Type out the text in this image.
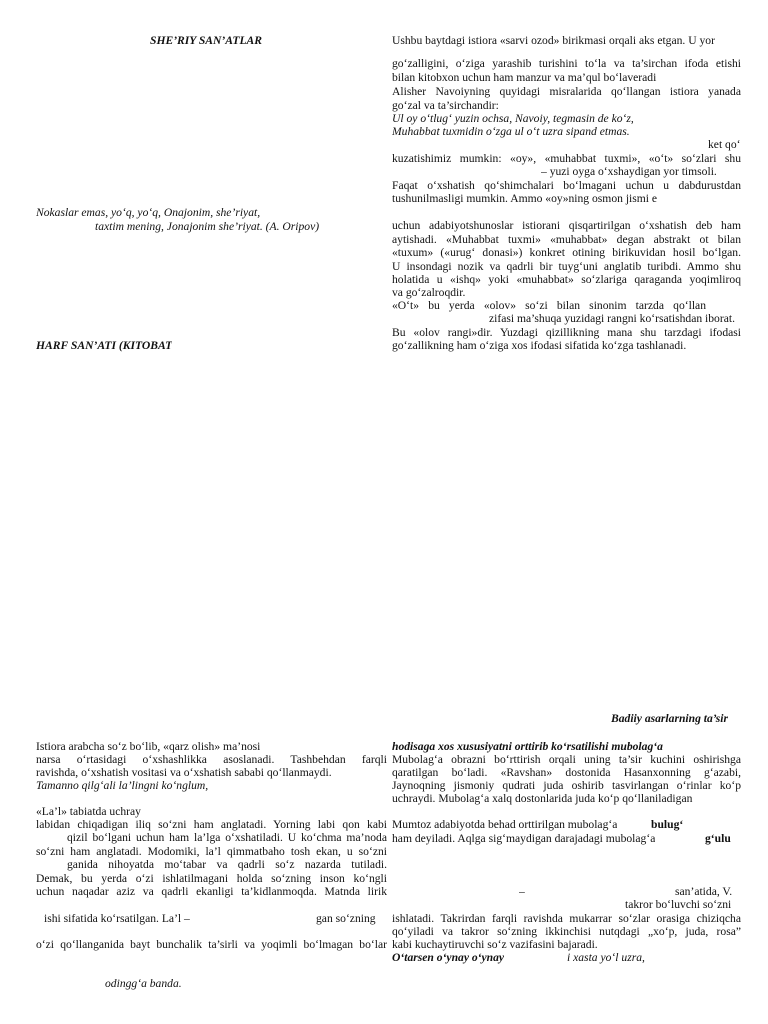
SHE’RIY SAN’ATLAR
Nokaslar emas, yo‘q, yo‘q, Onajonim, she’riyat,
taxtim mening, Jonajonim she’riyat. (A. Oripov)
HARF SAN’ATI (KITOBAT
Ushbu baytdagi istiora «sarvi ozod» birikmasi orqali aks etgan. U yor
go‘zalligini, o‘ziga yarashib turishini to‘la va ta’sirchan ifoda etishi
bilan kitobxon uchun ham manzur va ma’qul bo‘laveradi
Alisher Navoiyning quyidagi misralarida qo‘llangan istiora yanada
go‘zal va ta’sirchandir:
Ul oy o‘tlug‘ yuzin ochsa, Navoiy, tegmasin de ko‘z,
Muhabbat tuxmidin o‘zga ul o‘t uzra sipand etmas.
ket qo‘
kuzatishimiz mumkin: «oy», «muhabbat tuxmi», «o‘t» so‘zlari shu
– yuzi oyga o‘xshaydigan yor timsoli.
Faqat o‘xshatish qo‘shimchalari bo‘lmagani uchun u dabdurustdan
tushunilmasligi mumkin. Ammo «oy»ning osmon jismi e
uchun adabiyotshunoslar istiorani qisqartirilgan o‘xshatish deb ham
aytishadi. «Muhabbat tuxmi» «muhabbat» degan abstrakt ot bilan
«tuxum» («urug‘ donasi») konkret otining birikuvidan hosil bo‘lgan.
U insondagi nozik va qadrli bir tuyg‘uni anglatib turibdi. Ammo shu
holatida u «ishq» yoki «muhabbat» so‘zlariga qaraganda yoqimliroq
va go‘zalroqdir.
«O‘t» bu yerda «olov» so‘zi bilan sinonim tarzda qo‘llan
zifasi ma’shuqa yuzidagi rangni ko‘rsatishdan iborat.
Bu «olov rangi»dir. Yuzdagi qizillikning mana shu tarzdagi ifodasi
go‘zallikning ham o‘ziga xos ifodasi sifatida ko‘zga tashlanadi.
Badiiy asarlarning ta’sir
hodisaga xos xususiyatni orttirib ko‘rsatilishi mubolag‘a
Istiora arabcha so‘z bo‘lib, «qarz olish» ma’nosi
narsa o‘rtasidagi o‘xshashlikka asoslanadi. Tashbehdan farqli
ravishda, o‘xshatish vositasi va o‘xshatish sababi qo‘llanmaydi.
Tamanno qilg‘ali la’lingni ko‘nglum,
«La’l» tabiatda uchray
labidan chiqadigan iliq so‘zni ham anglatadi. Yorning labi qon kabi
qizil bo‘lgani uchun ham la’lga o‘xshatiladi. U ko‘chma ma’noda
so‘zni ham anglatadi. Modomiki, la’l qimmatbaho tosh ekan, u so‘zni
ganida nihoyatda mo‘tabar va qadrli so‘z nazarda tutiladi.
Demak, bu yerda o‘zi ishlatilmagani holda so‘zning inson ko‘ngli
uchun naqadar aziz va qadrli ekanligi ta’kidlanmoqda. Matnda lirik
ishi sifatida ko‘rsatilgan. La’l –	gan so‘zning
o‘zi qo‘llanganida bayt bunchalik ta’sirli va yoqimli bo‘lmagan bo‘lar
odingg‘a banda.
Mubolag‘a obrazni bo‘rttirish orqali uning ta’sir kuchini oshirishga
qaratilgan bo‘ladi. «Ravshan» dostonida Hasanxonning g‘azabi,
Jaynoqning jismoniy qudrati juda oshirib tasvirlangan o‘rinlar ko‘p
uchraydi. Mubolag‘a xalq dostonlarida juda ko‘p qo‘llaniladigan
Mumtoz adabiyotda behad orttirilgan mubolag‘a	bulug‘
ham deyiladi. Aqlga sig‘maydigan darajadagi mubolag‘a	g‘ulu
–	san’atida, V.
takror bo‘luvchi so‘zni
ishlatadi. Takrirdan farqli ravishda mukarrar so‘zlar orasiga chiziqcha
qo‘yiladi va takror so‘zning ikkinchisi nutqdagi „xo‘p, juda, rosa”
kabi kuchaytiruvchi so‘z vazifasini bajaradi.
O‘tarsen o‘ynay o‘ynay	i xasta yo‘l uzra,
